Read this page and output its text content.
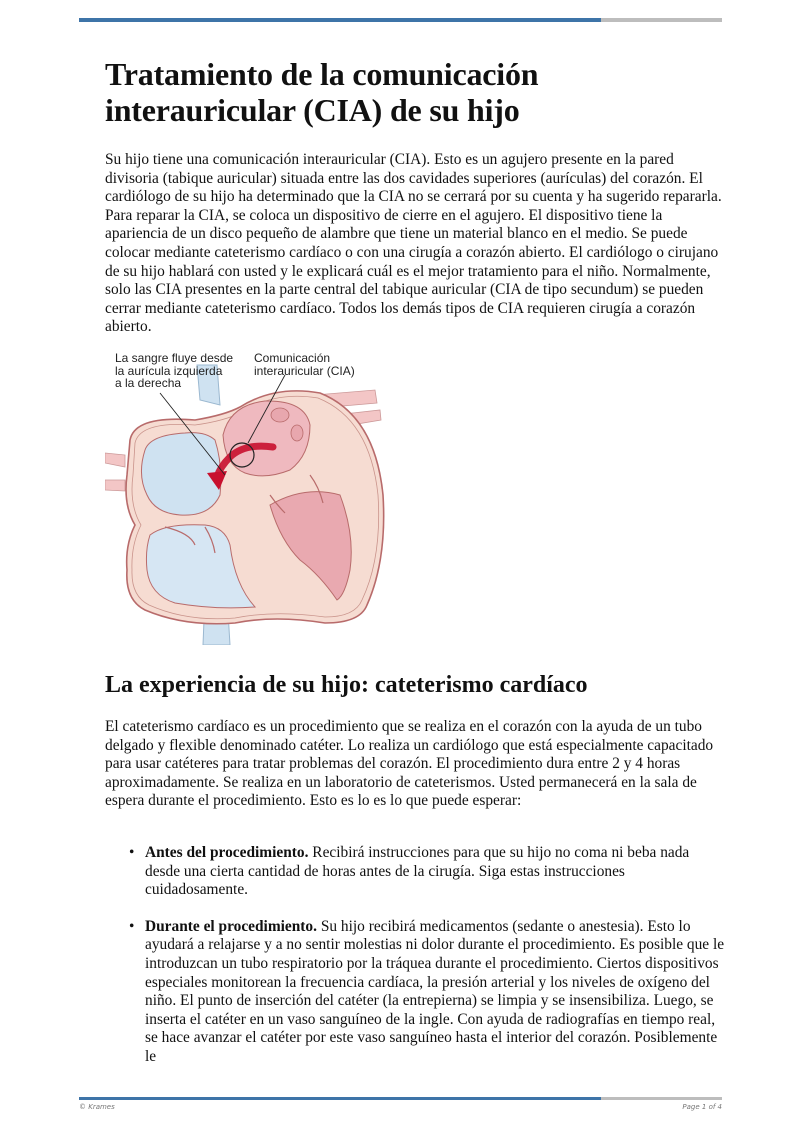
Tratamiento de la comunicación interauricular (CIA) de su hijo

Su hijo tiene una comunicación interauricular (CIA). Esto es un agujero presente en la pared divisoria (tabique auricular) situada entre las dos cavidades superiores (aurículas) del corazón. El cardiólogo de su hijo ha determinado que la CIA no se cerrará por su cuenta y ha sugerido repararla. Para reparar la CIA, se coloca un dispositivo de cierre en el agujero. El dispositivo tiene la apariencia de un disco pequeño de alambre que tiene un material blanco en el medio. Se puede colocar mediante cateterismo cardíaco o con una cirugía a corazón abierto. El cardiólogo o cirujano de su hijo hablará con usted y le explicará cuál es el mejor tratamiento para el niño. Normalmente, solo las CIA presentes en la parte central del tabique auricular (CIA de tipo secundum) se pueden cerrar mediante cateterismo cardíaco. Todos los demás tipos de CIA requieren cirugía a corazón abierto.

La sangre fluye desde
la aurícula izquierda
a la derecha
Comunicación
interauricular (CIA)
La experiencia de su hijo: cateterismo cardíaco

El cateterismo cardíaco es un procedimiento que se realiza en el corazón con la ayuda de un tubo delgado y flexible denominado catéter. Lo realiza un cardiólogo que está especialmente capacitado para usar catéteres para tratar problemas del corazón. El procedimiento dura entre 2 y 4 horas aproximadamente. Se realiza en un laboratorio de cateterismos. Usted permanecerá en la sala de espera durante el procedimiento. Esto es lo es lo que puede esperar:

• Antes del procedimiento. Recibirá instrucciones para que su hijo no coma ni beba nada desde una cierta cantidad de horas antes de la cirugía. Siga estas instrucciones cuidadosamente.
• Durante el procedimiento. Su hijo recibirá medicamentos (sedante o anestesia). Esto lo ayudará a relajarse y a no sentir molestias ni dolor durante el procedimiento. Es posible que le introduzcan un tubo respiratorio por la tráquea durante el procedimiento. Ciertos dispositivos especiales monitorean la frecuencia cardíaca, la presión arterial y los niveles de oxígeno del niño. El punto de inserción del catéter (la entrepierna) se limpia y se insensibiliza. Luego, se inserta el catéter en un vaso sanguíneo de la ingle. Con ayuda de radiografías en tiempo real, se hace avanzar el catéter por este vaso sanguíneo hasta el interior del corazón. Posiblemente le
© Krames	Page 1 of 4
